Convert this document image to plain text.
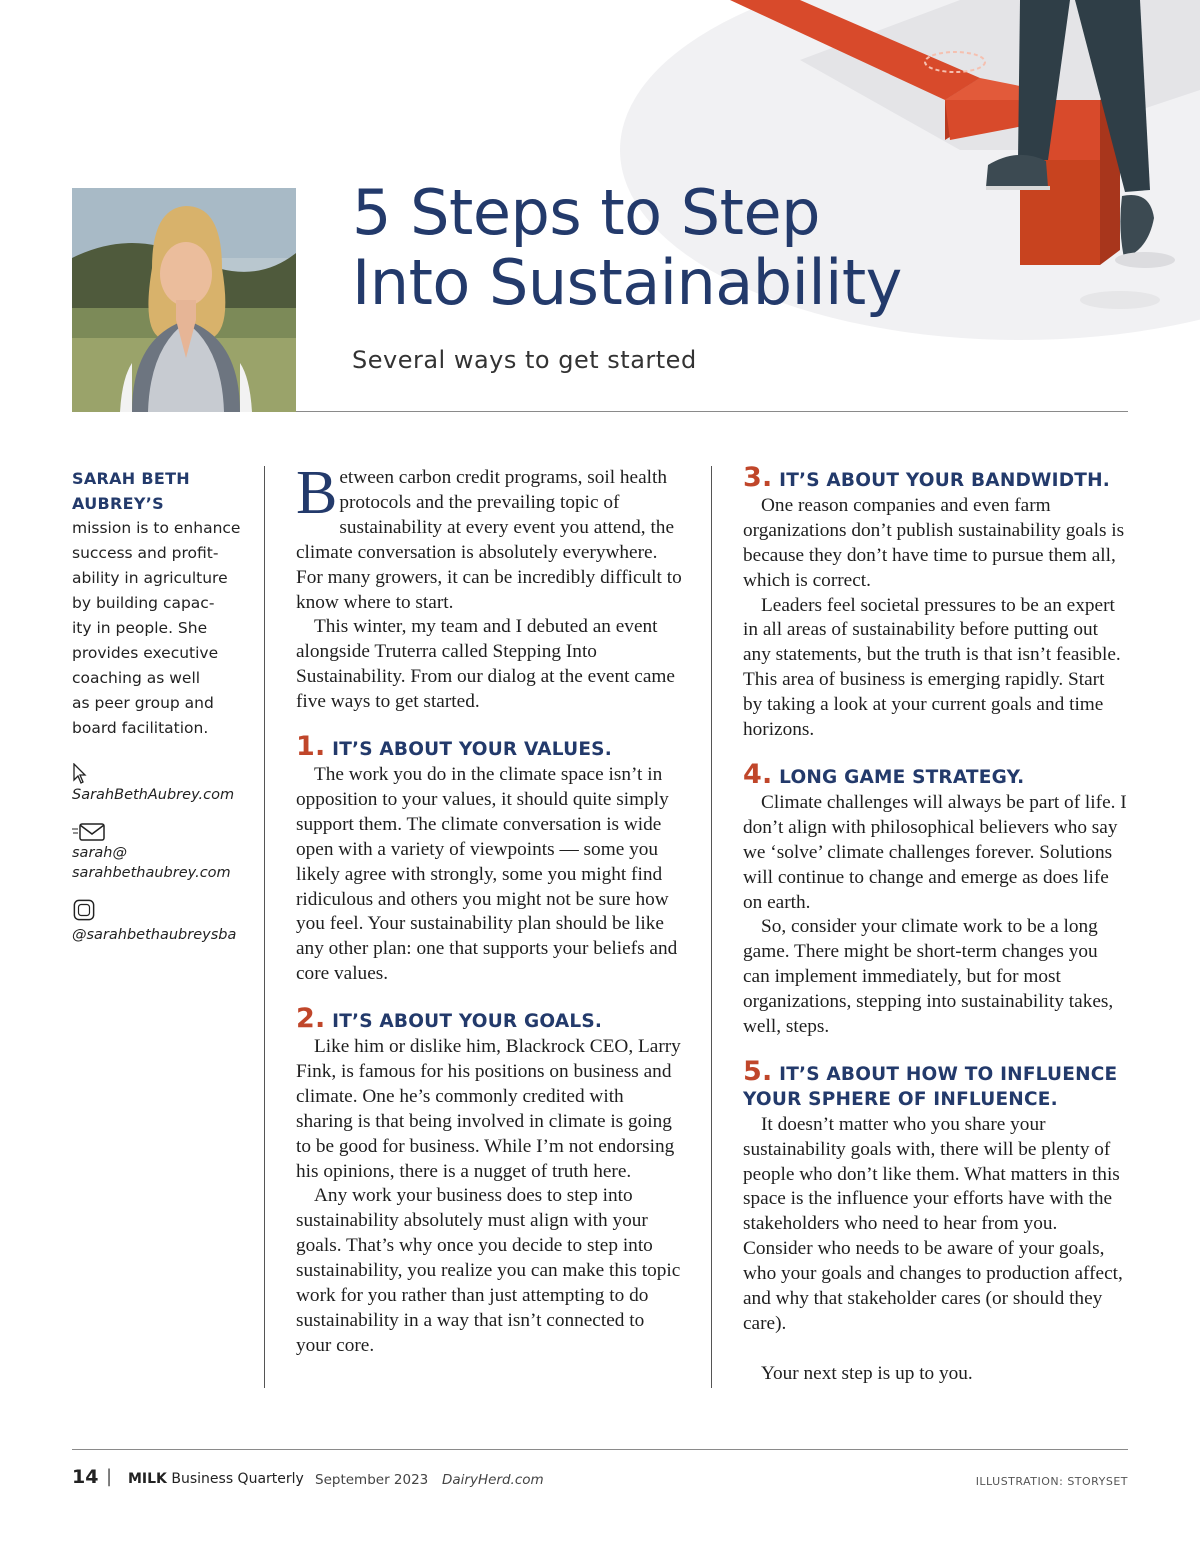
5 Steps to Step
Into Sustainability
Several ways to get started
SARAH BETH
AUBREY’S
mission is to enhance
success and profit-
ability in agriculture
by building capac-
ity in people. She
provides executive
coaching as well
as peer group and
board facilitation.
SarahBethAubrey.com
sarah@
sarahbethaubrey.com
@sarahbethaubreysba

Between carbon credit programs, soil health protocols and the prevailing topic of sustainability at every event you attend, the climate conversation is absolutely everywhere. For many growers, it can be incredibly difficult to know where to start.

This winter, my team and I debuted an event alongside Truterra called Stepping Into Sustainability. From our dialog at the event came five ways to get started.

1. IT’S ABOUT YOUR VALUES.

The work you do in the climate space isn’t in opposition to your values, it should quite simply support them. The climate conversation is wide open with a variety of viewpoints — some you likely agree with strongly, some you might find ridiculous and others you might not be sure how you feel. Your sustainability plan should be like any other plan: one that supports your beliefs and core values.

2. IT’S ABOUT YOUR GOALS.

Like him or dislike him, Blackrock CEO, Larry Fink, is famous for his positions on business and climate. One he’s commonly credited with sharing is that being involved in climate is going to be good for business. While I’m not endorsing his opinions, there is a nugget of truth here.

Any work your business does to step into sustainability absolutely must align with your goals. That’s why once you decide to step into sustainability, you realize you can make this topic work for you rather than just attempting to do sustainability in a way that isn’t connected to your core.

3. IT’S ABOUT YOUR BANDWIDTH.

One reason companies and even farm organizations don’t publish sustainability goals is because they don’t have time to pursue them all, which is correct.

Leaders feel societal pressures to be an expert in all areas of sustainability before putting out any statements, but the truth is that isn’t feasible. This area of business is emerging rapidly. Start by taking a look at your current goals and time horizons.

4. LONG GAME STRATEGY.

Climate challenges will always be part of life. I don’t align with philosophical believers who say we ‘solve’ climate challenges forever. Solutions will continue to change and emerge as does life on earth.

So, consider your climate work to be a long game. There might be short-term changes you can implement immediately, but for most organizations, stepping into sustainability takes, well, steps.

5. IT’S ABOUT HOW TO INFLUENCE YOUR SPHERE OF INFLUENCE.

It doesn’t matter who you share your sustainability goals with, there will be plenty of people who don’t like them. What matters in this space is the influence your efforts have with the stakeholders who need to hear from you. Consider who needs to be aware of your goals, who your goals and changes to production affect, and why that stakeholder cares (or should they care).

Your next step is up to you.

14 | MILK Business Quarterly September 2023 DairyHerd.com	ILLUSTRATION: STORYSET
